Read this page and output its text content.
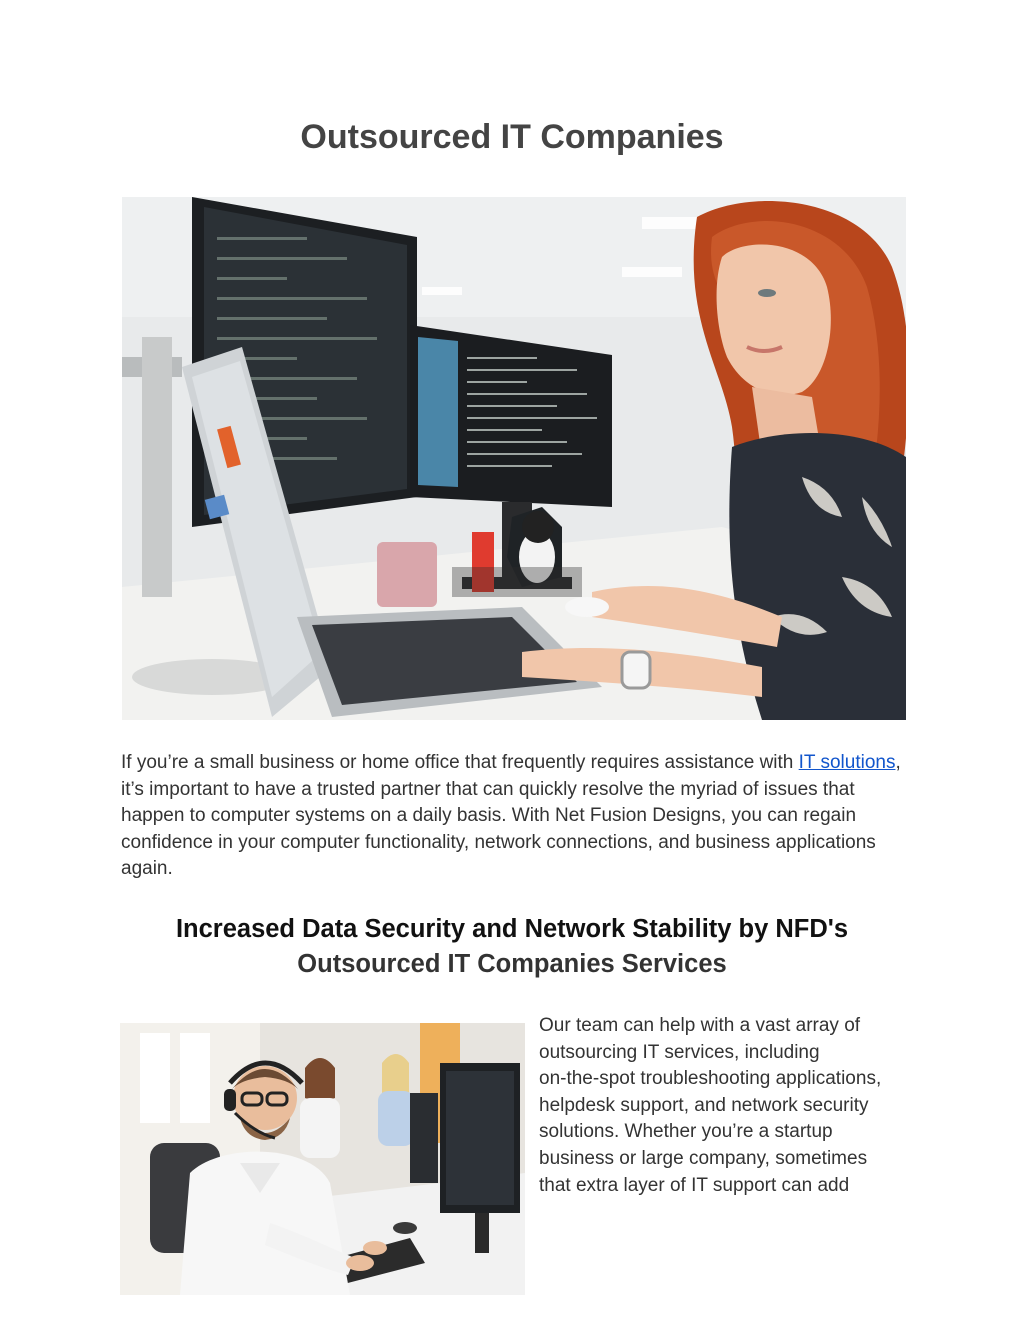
Outsourced IT Companies

If you’re a small business or home office that frequently requires assistance with IT solutions, it’s important to have a trusted partner that can quickly resolve the myriad of issues that happen to computer systems on a daily basis. With Net Fusion Designs, you can regain confidence in your computer functionality, network connections, and business applications again.

Increased Data Security and Network Stability by NFD's
Outsourced IT Companies Services

Our team can help with a vast array of
outsourcing IT services, including
on-the-spot troubleshooting applications,
helpdesk support, and network security
solutions. Whether you’re a startup
business or large company, sometimes
that extra layer of IT support can add
